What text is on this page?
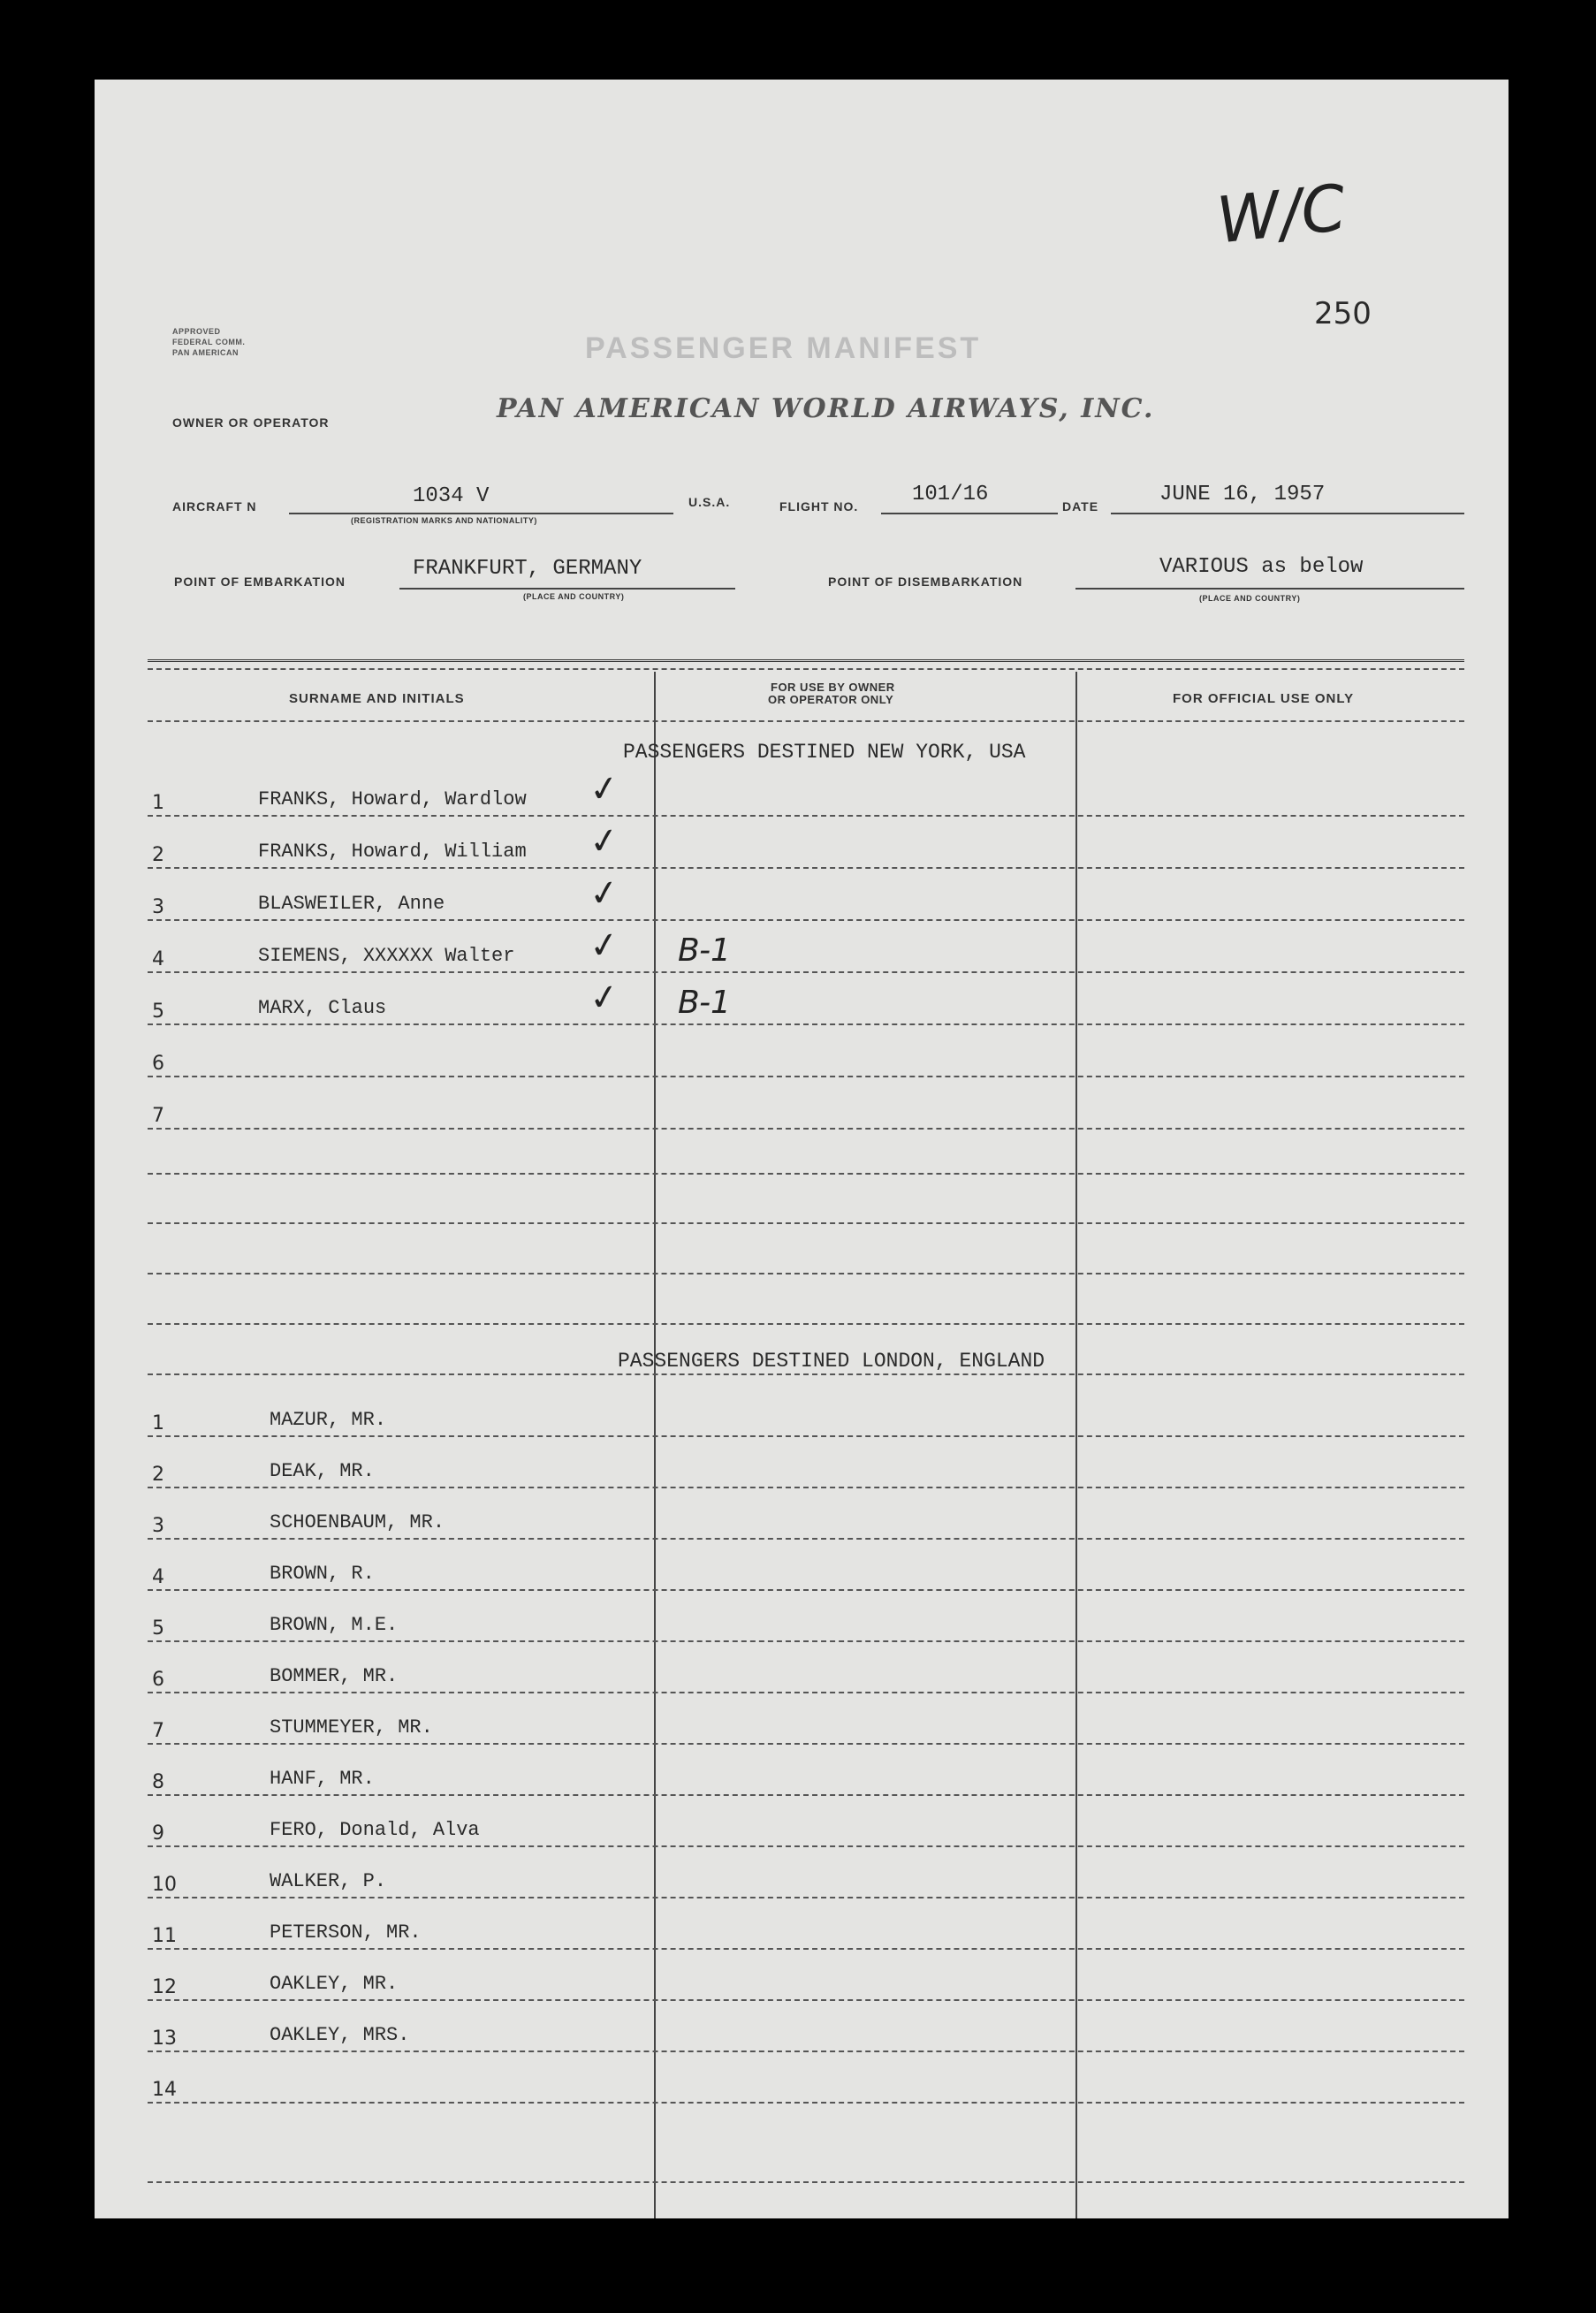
W/C
250
APPROVED
FEDERAL COMM.
PAN AMERICAN	PASSENGER MANIFEST
OWNER OR OPERATOR	PAN AMERICAN WORLD AIRWAYS, INC.
AIRCRAFT N	1034 V
(REGISTRATION MARKS AND NATIONALITY)
U.S.A.	FLIGHT NO.	101/16	DATE	JUNE 16, 1957
POINT OF EMBARKATION
FRANKFURT, GERMANY
(PLACE AND COUNTRY)
POINT OF DISEMBARKATION
VARIOUS as below
(PLACE AND COUNTRY)
SURNAME AND INITIALS
FOR USE BY OWNER
OR OPERATOR ONLY	FOR OFFICIAL USE ONLY
PASSENGERS DESTINED NEW YORK, USA
1	FRANKS, Howard, Wardlow ✓
2	FRANKS, Howard, William ✓
3	BLASWEILER, Anne	✓
4	SIEMENS, XXXXXX Walter ✓ B-1
5	MARX, Claus	✓ B-1
6
7
PASSENGERS DESTINED LONDON, ENGLAND
1	MAZUR, MR.
2	DEAK, MR.
3	SCHOENBAUM, MR.
4	BROWN, R.
5	BROWN, M.E.
6	BOMMER, MR.
7	STUMMEYER, MR.
8	HANF, MR.
9	FERO, Donald, Alva
10	WALKER, P.
11	PETERSON, MR.
12	OAKLEY, MR.
13	OAKLEY, MRS.
14
